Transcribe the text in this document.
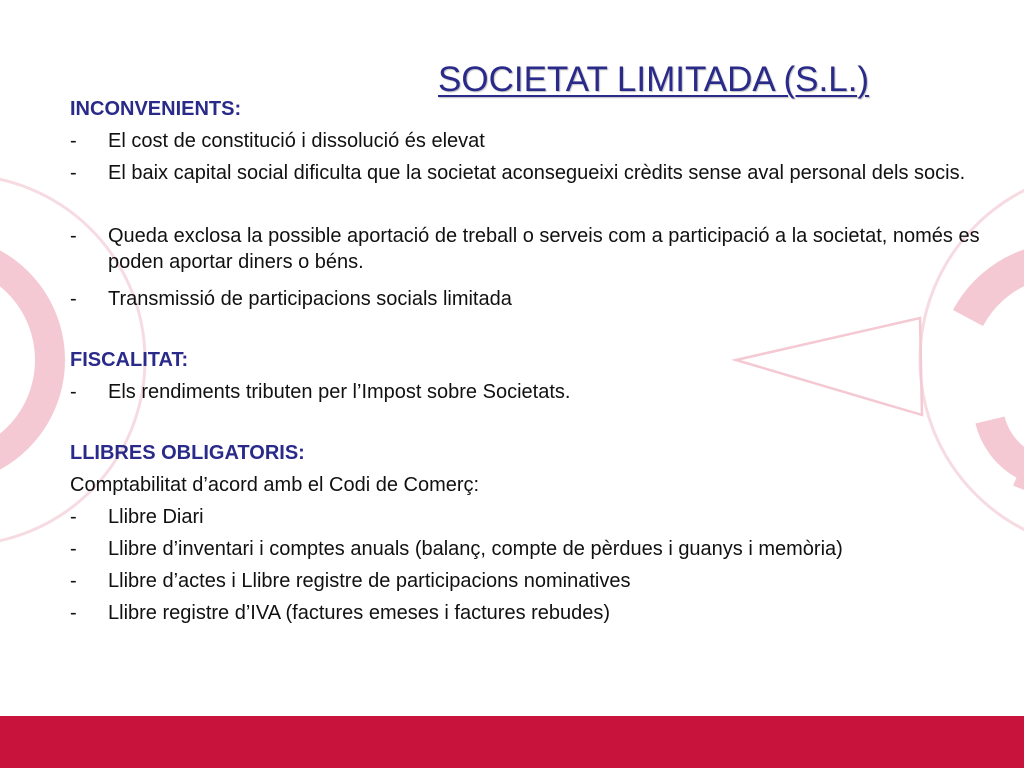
SOCIETAT LIMITADA (S.L.)

INCONVENIENTS:

-	El cost de constitució i dissolució és elevat
-	El baix capital social dificulta que la societat aconsegueixi crèdits sense aval personal dels socis.
-	Queda exclosa la possible aportació de treball o serveis com a participació a la societat, només es poden aportar diners o béns.
-	Transmissió de participacions socials limitada

FISCALITAT:

-	Els rendiments tributen per l’Impost sobre Societats.

LLIBRES OBLIGATORIS:

Comptabilitat d’acord amb el Codi de Comerç:

-	Llibre Diari
-	Llibre d’inventari i comptes anuals (balanç, compte de pèrdues i guanys i memòria)
-	Llibre d’actes i Llibre registre de participacions nominatives
-	Llibre registre d’IVA (factures emeses i factures rebudes)
